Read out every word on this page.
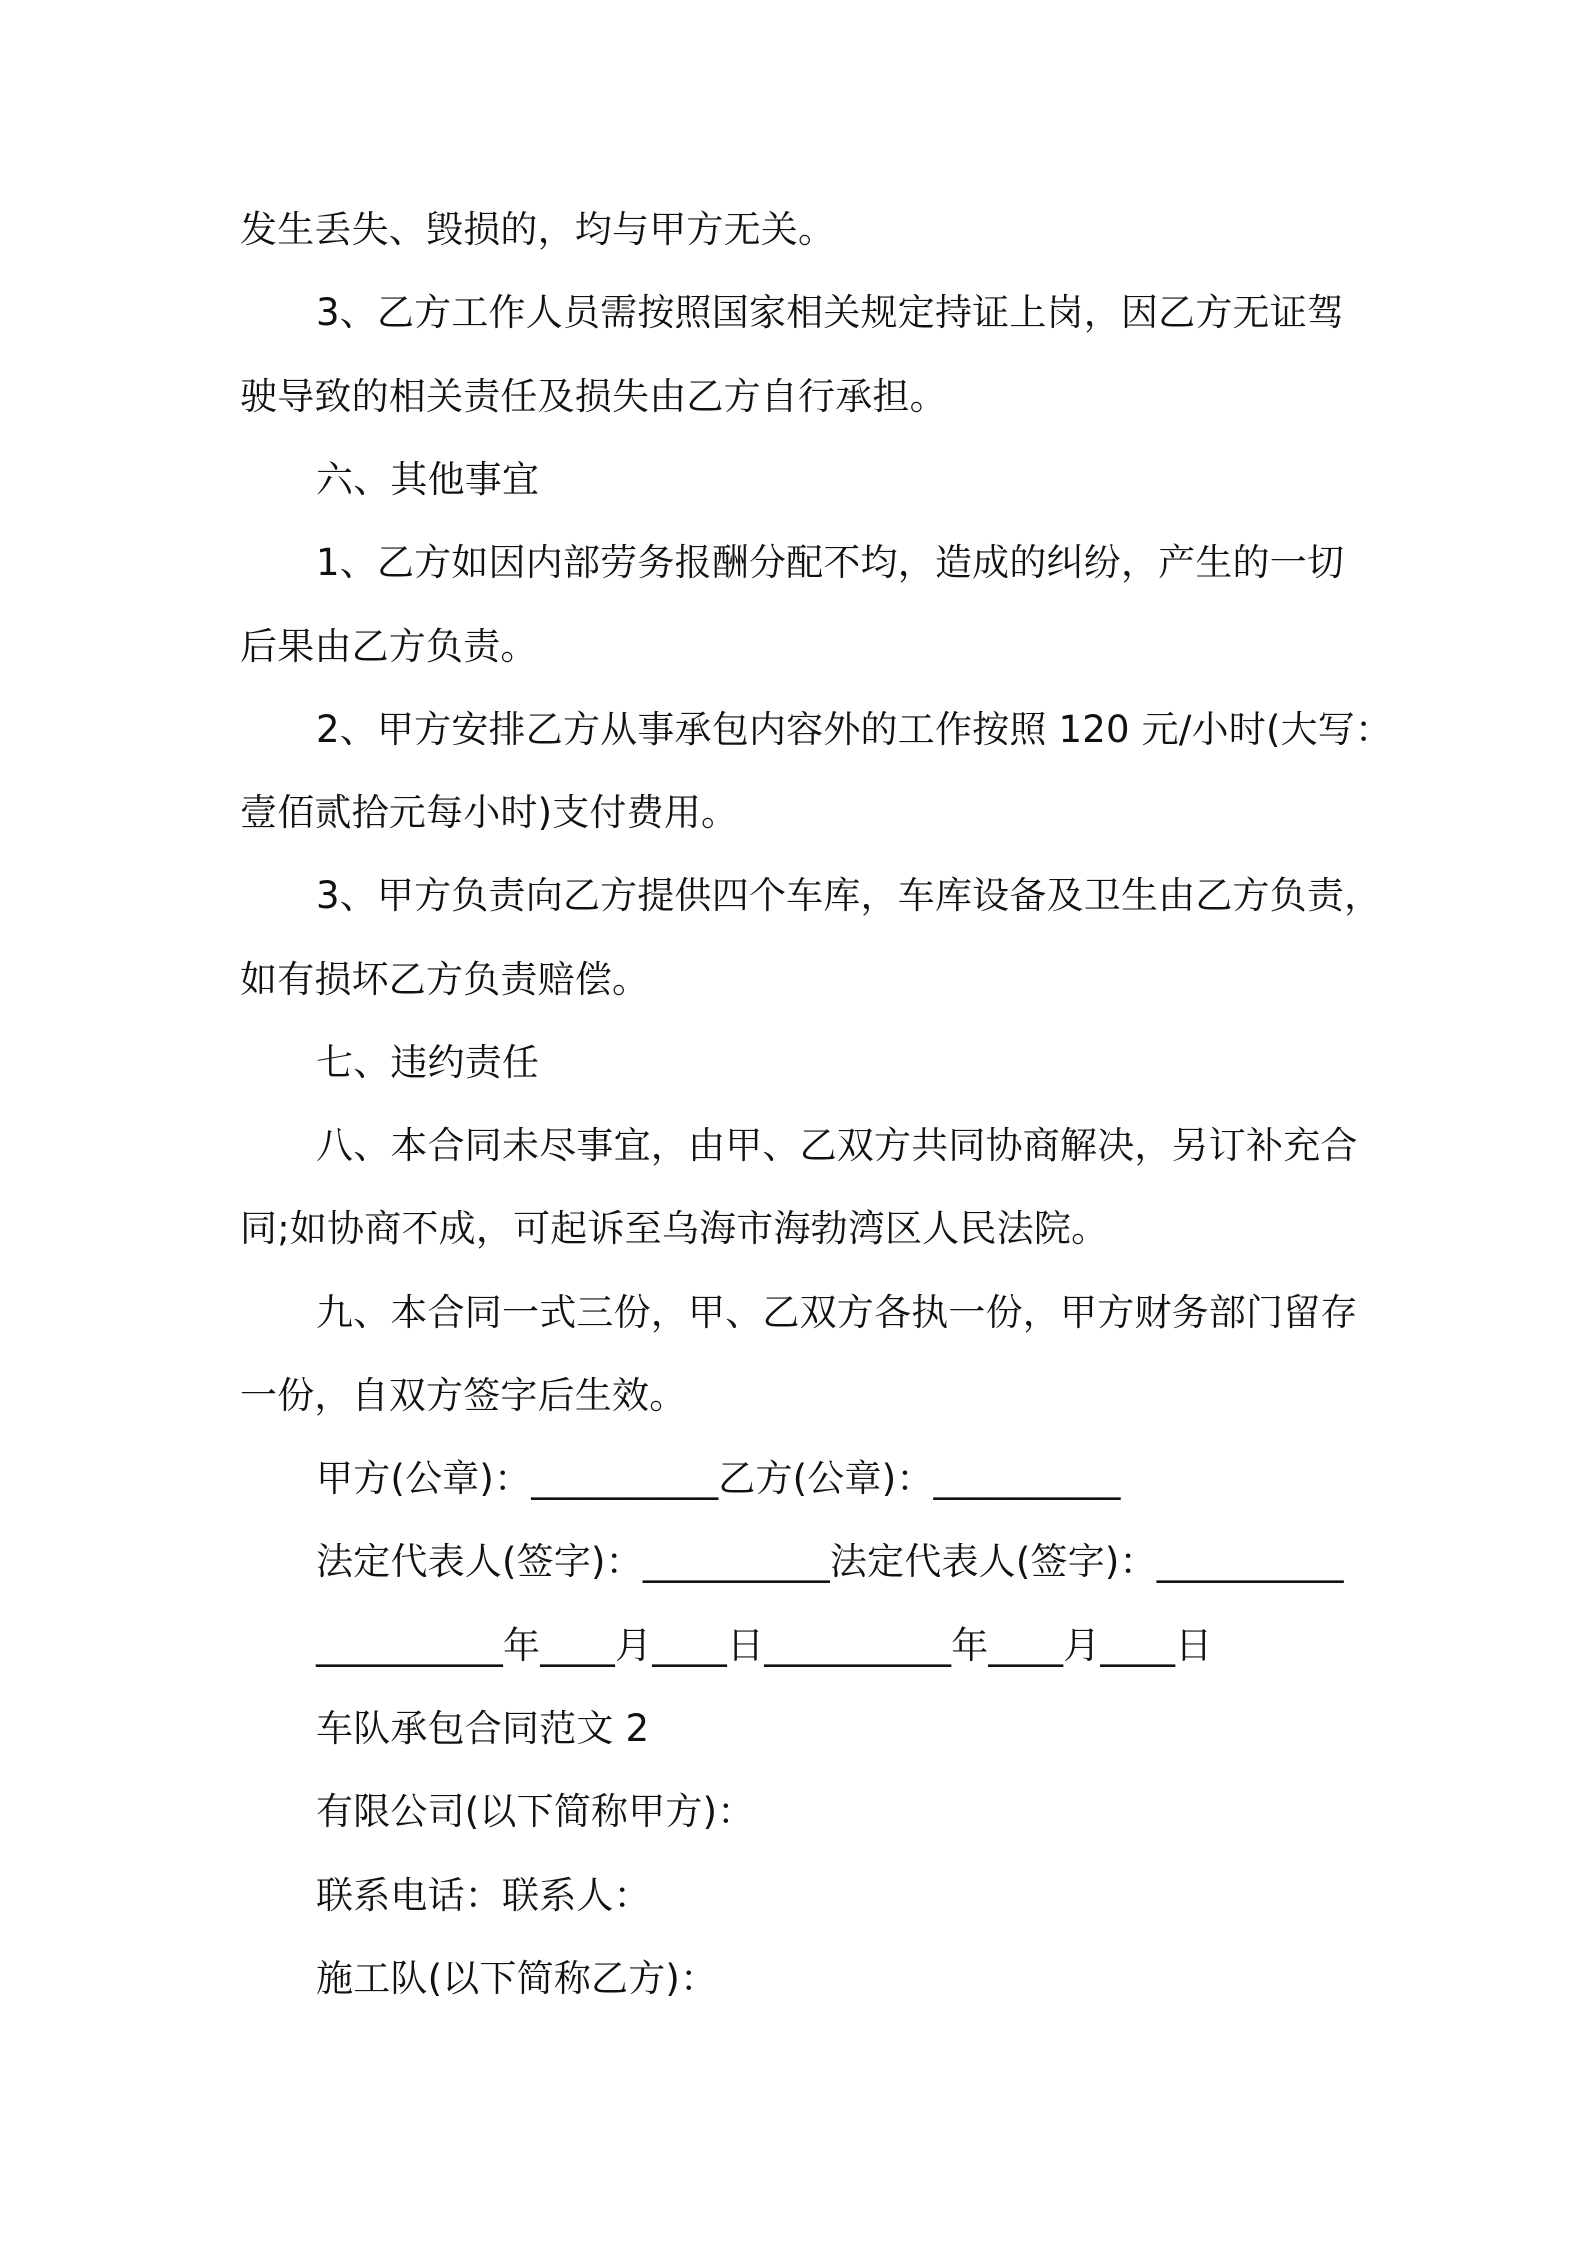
发生丢失、毁损的，均与甲方无关。
3、乙方工作人员需按照国家相关规定持证上岗，因乙方无证驾
驶导致的相关责任及损失由乙方自行承担。
六、其他事宜
1、乙方如因内部劳务报酬分配不均，造成的纠纷，产生的一切
后果由乙方负责。
2、甲方安排乙方从事承包内容外的工作按照 120 元/小时(大写：
壹佰贰拾元每小时)支付费用。
3、甲方负责向乙方提供四个车库，车库设备及卫生由乙方负责，
如有损坏乙方负责赔偿。
七、违约责任
八、本合同未尽事宜，由甲、乙双方共同协商解决，另订补充合
同;如协商不成，可起诉至乌海市海勃湾区人民法院。
九、本合同一式三份，甲、乙双方各执一份，甲方财务部门留存
一份，自双方签字后生效。
甲方(公章)：__________乙方(公章)：__________
法定代表人(签字)：__________法定代表人(签字)：__________
__________年____月____日__________年____月____日
车队承包合同范文 2
有限公司(以下简称甲方)：
联系电话：联系人：
施工队(以下简称乙方)：
